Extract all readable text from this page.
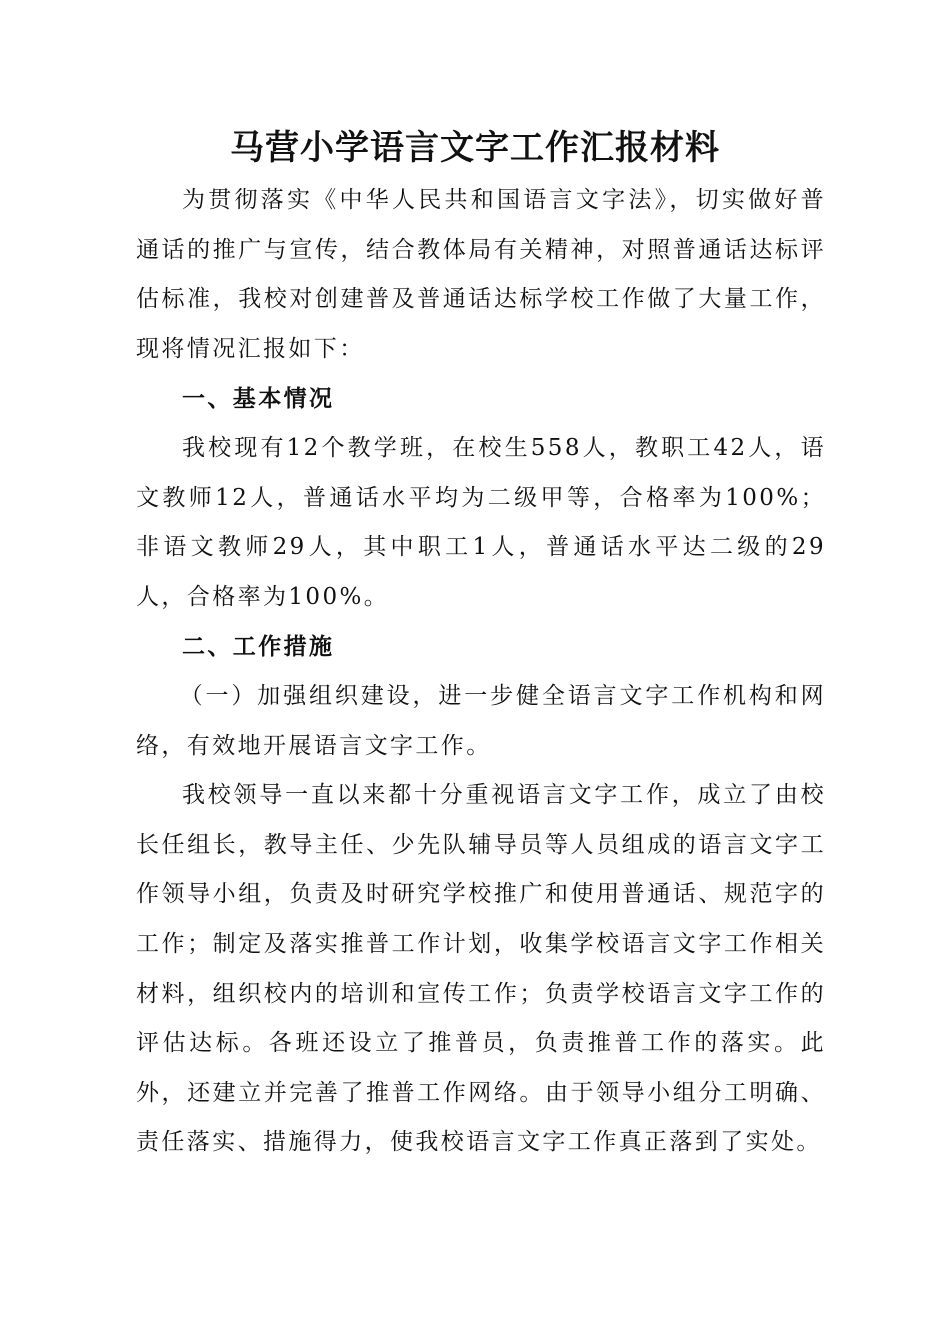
马营小学语言文字工作汇报材料

为贯彻落实《中华人民共和国语言文字法》，切实做好普通话的推广与宣传，结合教体局有关精神，对照普通话达标评估标准，我校对创建普及普通话达标学校工作做了大量工作，现将情况汇报如下：

一、基本情况

我校现有12个教学班，在校生558人，教职工42人，语文教师12人，普通话水平均为二级甲等，合格率为100%；非语文教师29人，其中职工1人，普通话水平达二级的29人，合格率为100%。

二、工作措施

（一）加强组织建设，进一步健全语言文字工作机构和网络，有效地开展语言文字工作。

我校领导一直以来都十分重视语言文字工作，成立了由校长任组长，教导主任、少先队辅导员等人员组成的语言文字工作领导小组，负责及时研究学校推广和使用普通话、规范字的工作；制定及落实推普工作计划，收集学校语言文字工作相关材料，组织校内的培训和宣传工作；负责学校语言文字工作的评估达标。各班还设立了推普员，负责推普工作的落实。此外，还建立并完善了推普工作网络。由于领导小组分工明确、责任落实、措施得力，使我校语言文字工作真正落到了实处。
